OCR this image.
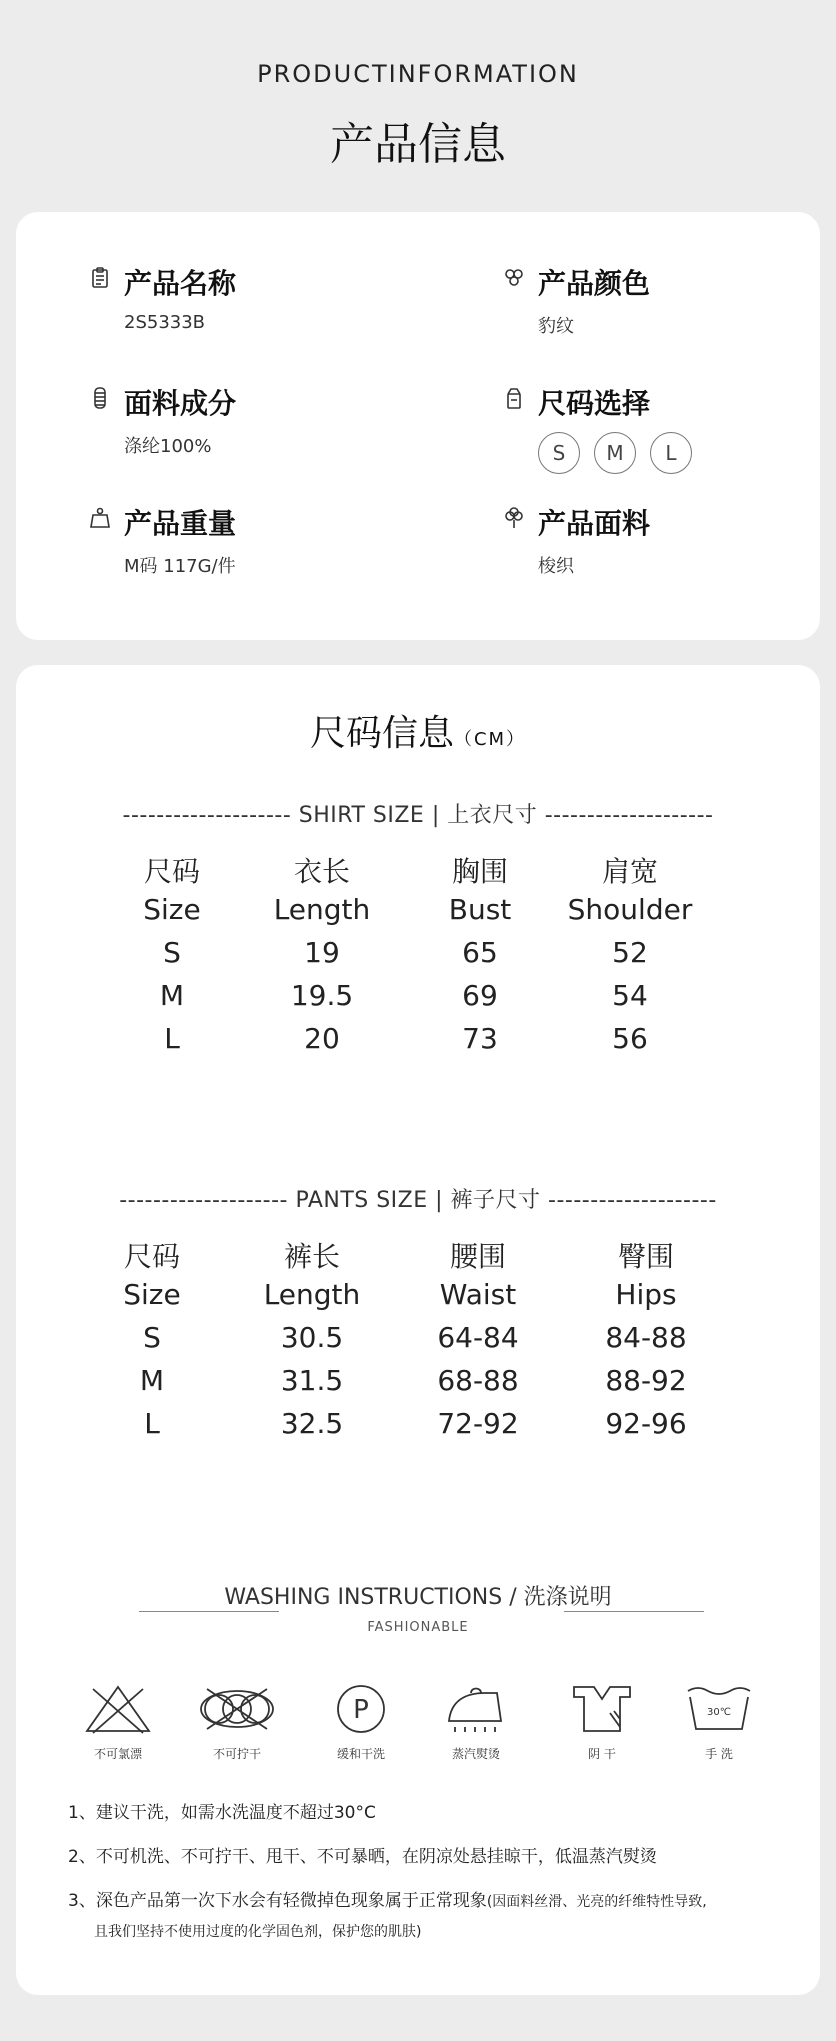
PRODUCTINFORMATION
产品信息
产品名称
2S5333B
产品颜色
豹纹
面料成分
涤纶100%
尺码选择
S M L
产品重量
M码 117G/件
产品面料
梭织
尺码信息（CM）
-------------------- SHIRT SIZE | 上衣尺寸 --------------------
尺码	衣长	胸围	肩宽
Size	Length	Bust	Shoulder
S	19	65	52
M	19.5	69	54
L	20	73	56
-------------------- PANTS SIZE | 裤子尺寸 --------------------
尺码	裤长	腰围	臀围
Size	Length	Waist	Hips
S	30.5	64-84	84-88
M	31.5	68-88	88-92
L	32.5	72-92	92-96
WASHING INSTRUCTIONS / 洗涤说明
FASHIONABLE
不可氯漂	不可拧干
P
缓和干洗	蒸汽熨烫	阴 干
30℃
手 洗
1、建议干洗，如需水洗温度不超过30°C
2、不可机洗、不可拧干、甩干、不可暴晒，在阴凉处悬挂晾干，低温蒸汽熨烫
3、深色产品第一次下水会有轻微掉色现象属于正常现象(因面料丝滑、光亮的纤维特性导致,
且我们坚持不使用过度的化学固色剂，保护您的肌肤)
